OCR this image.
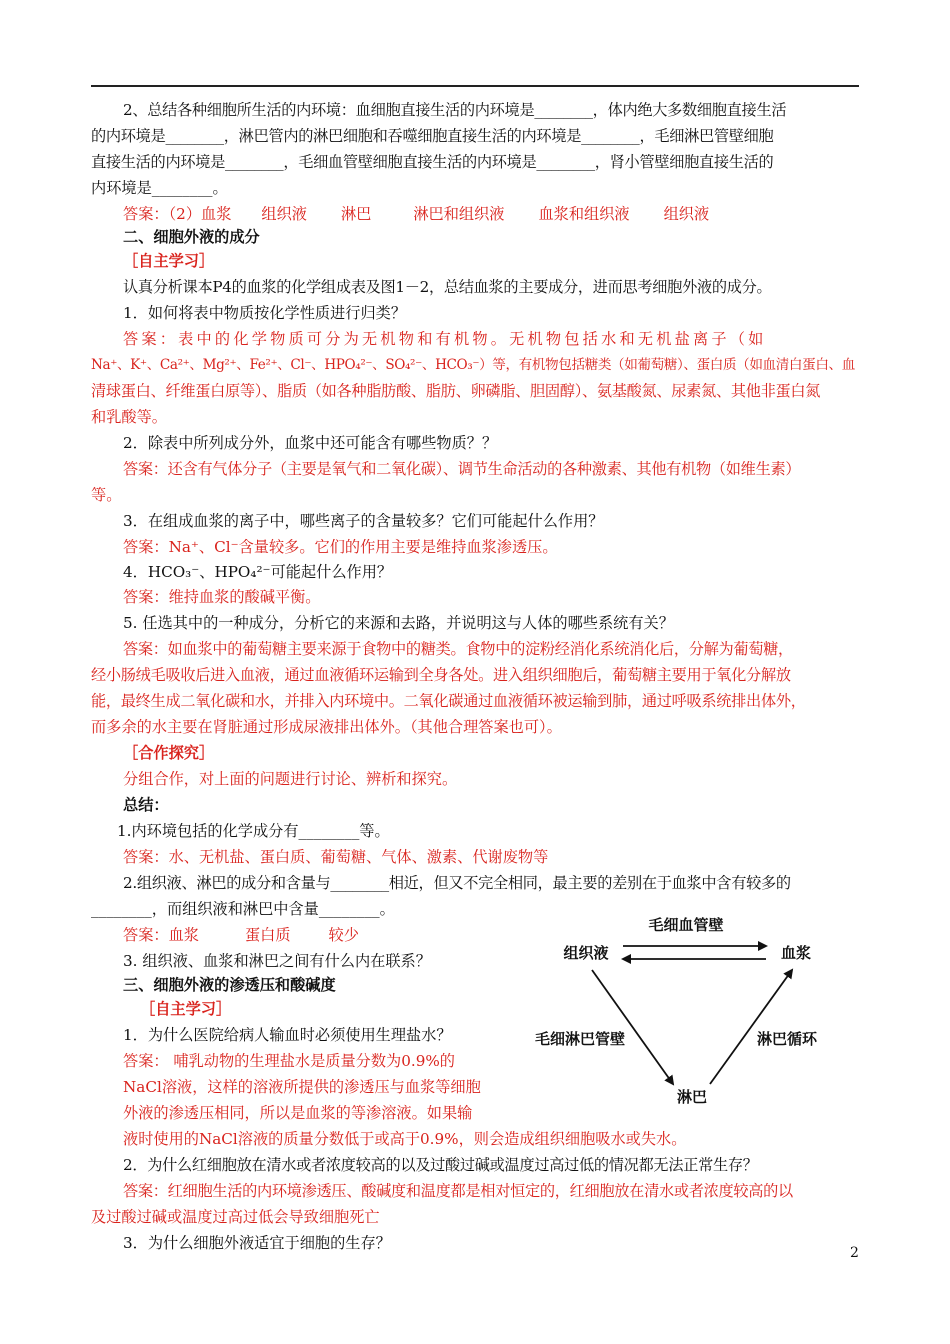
2、总结各种细胞所生活的内环境：血细胞直接生活的内环境是________，体内绝大多数细胞直接生活
的内环境是________，淋巴管内的淋巴细胞和吞噬细胞直接生活的内环境是________，毛细淋巴管壁细胞
直接生活的内环境是________，毛细血管壁细胞直接生活的内环境是________，肾小管壁细胞直接生活的
内环境是________。
答案：（2）血浆 组织液 淋巴	淋巴和组织液 血浆和组织液 组织液
二、细胞外液的成分
［自主学习］
认真分析课本P4的血浆的化学组成表及图1－2，总结血浆的主要成分，进而思考细胞外液的成分。
1．如何将表中物质按化学性质进行归类？
答案：表中的化学物质可分为无机物和有机物。无机物包括水和无机盐离子（如
Na⁺、K⁺、Ca²⁺、Mg²⁺、Fe²⁺、Cl⁻、HPO₄²⁻、SO₄²⁻、HCO₃⁻）等，有机物包括糖类（如葡萄糖）、蛋白质（如血清白蛋白、血
清球蛋白、纤维蛋白原等）、脂质（如各种脂肪酸、脂肪、卵磷脂、胆固醇）、氨基酸氮、尿素氮、其他非蛋白氮
和乳酸等。
2．除表中所列成分外，血浆中还可能含有哪些物质？？
答案：还含有气体分子（主要是氧气和二氧化碳）、调节生命活动的各种激素、其他有机物（如维生素）
等。
3．在组成血浆的离子中，哪些离子的含量较多？它们可能起什么作用？
答案：Na⁺、Cl⁻含量较多。它们的作用主要是维持血浆渗透压。
4．HCO₃⁻、HPO₄²⁻可能起什么作用？
答案：维持血浆的酸碱平衡。
5. 任选其中的一种成分，分析它的来源和去路，并说明这与人体的哪些系统有关？
答案：如血浆中的葡萄糖主要来源于食物中的糖类。食物中的淀粉经消化系统消化后，分解为葡萄糖，
经小肠绒毛吸收后进入血液，通过血液循环运输到全身各处。进入组织细胞后，葡萄糖主要用于氧化分解放
能，最终生成二氧化碳和水，并排入内环境中。二氧化碳通过血液循环被运输到肺，通过呼吸系统排出体外，
而多余的水主要在肾脏通过形成尿液排出体外。（其他合理答案也可）。
［合作探究］
分组合作，对上面的问题进行讨论、辨析和探究。
总结：
1.内环境包括的化学成分有________等。
答案：水、无机盐、蛋白质、葡萄糖、气体、激素、代谢废物等
2.组织液、淋巴的成分和含量与________相近，但又不完全相同，最主要的差别在于血浆中含有较多的
________，而组织液和淋巴中含量________。
答案：血浆	蛋白质	较少
3. 组织液、血浆和淋巴之间有什么内在联系？
毛细血管壁
组织液	血浆
毛细淋巴管壁	淋巴循环
淋巴
三、细胞外液的渗透压和酸碱度
［自主学习］
1．为什么医院给病人输血时必须使用生理盐水？
答案： 哺乳动物的生理盐水是质量分数为0.9%的
NaCl溶液，这样的溶液所提供的渗透压与血浆等细胞
外液的渗透压相同，所以是血浆的等渗溶液。如果输
液时使用的NaCl溶液的质量分数低于或高于0.9%，则会造成组织细胞吸水或失水。
2．为什么红细胞放在清水或者浓度较高的以及过酸过碱或温度过高过低的情况都无法正常生存？
答案：红细胞生活的内环境渗透压、酸碱度和温度都是相对恒定的，红细胞放在清水或者浓度较高的以
及过酸过碱或温度过高过低会导致细胞死亡
3．为什么细胞外液适宜于细胞的生存？
2
